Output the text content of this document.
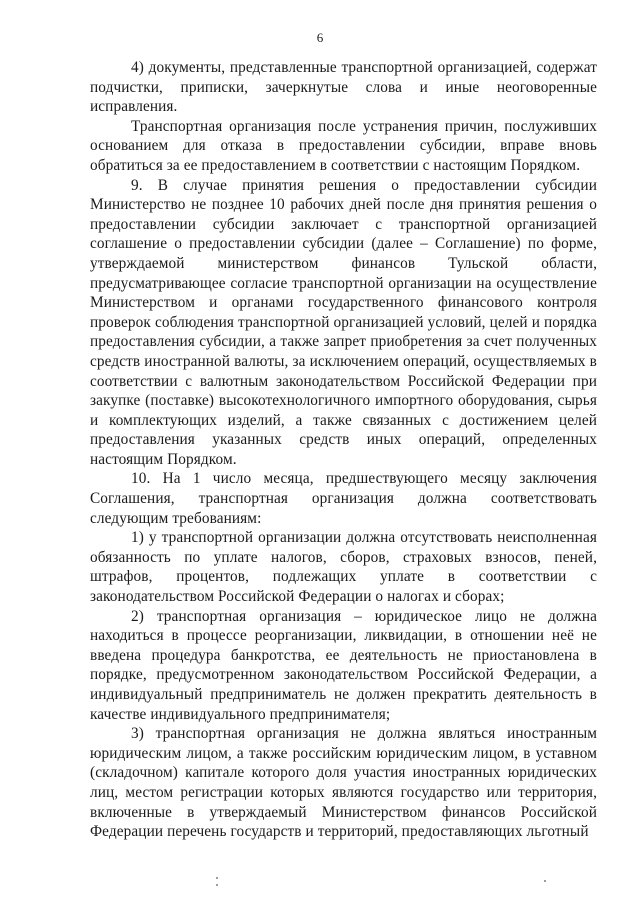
6

4) документы, представленные транспортной организацией, содержат подчистки, приписки, зачеркнутые слова и иные неоговоренные исправления.

Транспортная организация после устранения причин, послуживших основанием для отказа в предоставлении субсидии, вправе вновь обратиться за ее предоставлением в соответствии с настоящим Порядком.

9. В случае принятия решения о предоставлении субсидии Министерство не позднее 10 рабочих дней после дня принятия решения о предоставлении субсидии заключает с транспортной организацией соглашение о предоставлении субсидии (далее – Соглашение) по форме, утверждаемой министерством финансов Тульской области, предусматривающее согласие транспортной организации на осуществление Министерством и органами государственного финансового контроля проверок соблюдения транспортной организацией условий, целей и порядка предоставления субсидии, а также запрет приобретения за счет полученных средств иностранной валюты, за исключением операций, осуществляемых в соответствии с валютным законодательством Российской Федерации при закупке (поставке) высокотехнологичного импортного оборудования, сырья и комплектующих изделий, а также связанных с достижением целей предоставления указанных средств иных операций, определенных настоящим Порядком.

10. На 1 число месяца, предшествующего месяцу заключения Соглашения, транспортная организация должна соответствовать следующим требованиям:

1) у транспортной организации должна отсутствовать неисполненная обязанность по уплате налогов, сборов, страховых взносов, пеней, штрафов, процентов, подлежащих уплате в соответствии с законодательством Российской Федерации о налогах и сборах;

2) транспортная организация – юридическое лицо не должна находиться в процессе реорганизации, ликвидации, в отношении неё не введена процедура банкротства, ее деятельность не приостановлена в порядке, предусмотренном законодательством Российской Федерации, а индивидуальный предприниматель не должен прекратить деятельность в качестве индивидуального предпринимателя;

3) транспортная организация не должна являться иностранным юридическим лицом, а также российским юридическим лицом, в уставном (складочном) капитале которого доля участия иностранных юридических лиц, местом регистрации которых являются государство или территория, включенные в утверждаемый Министерством финансов Российской Федерации перечень государств и территорий, предоставляющих льготный
